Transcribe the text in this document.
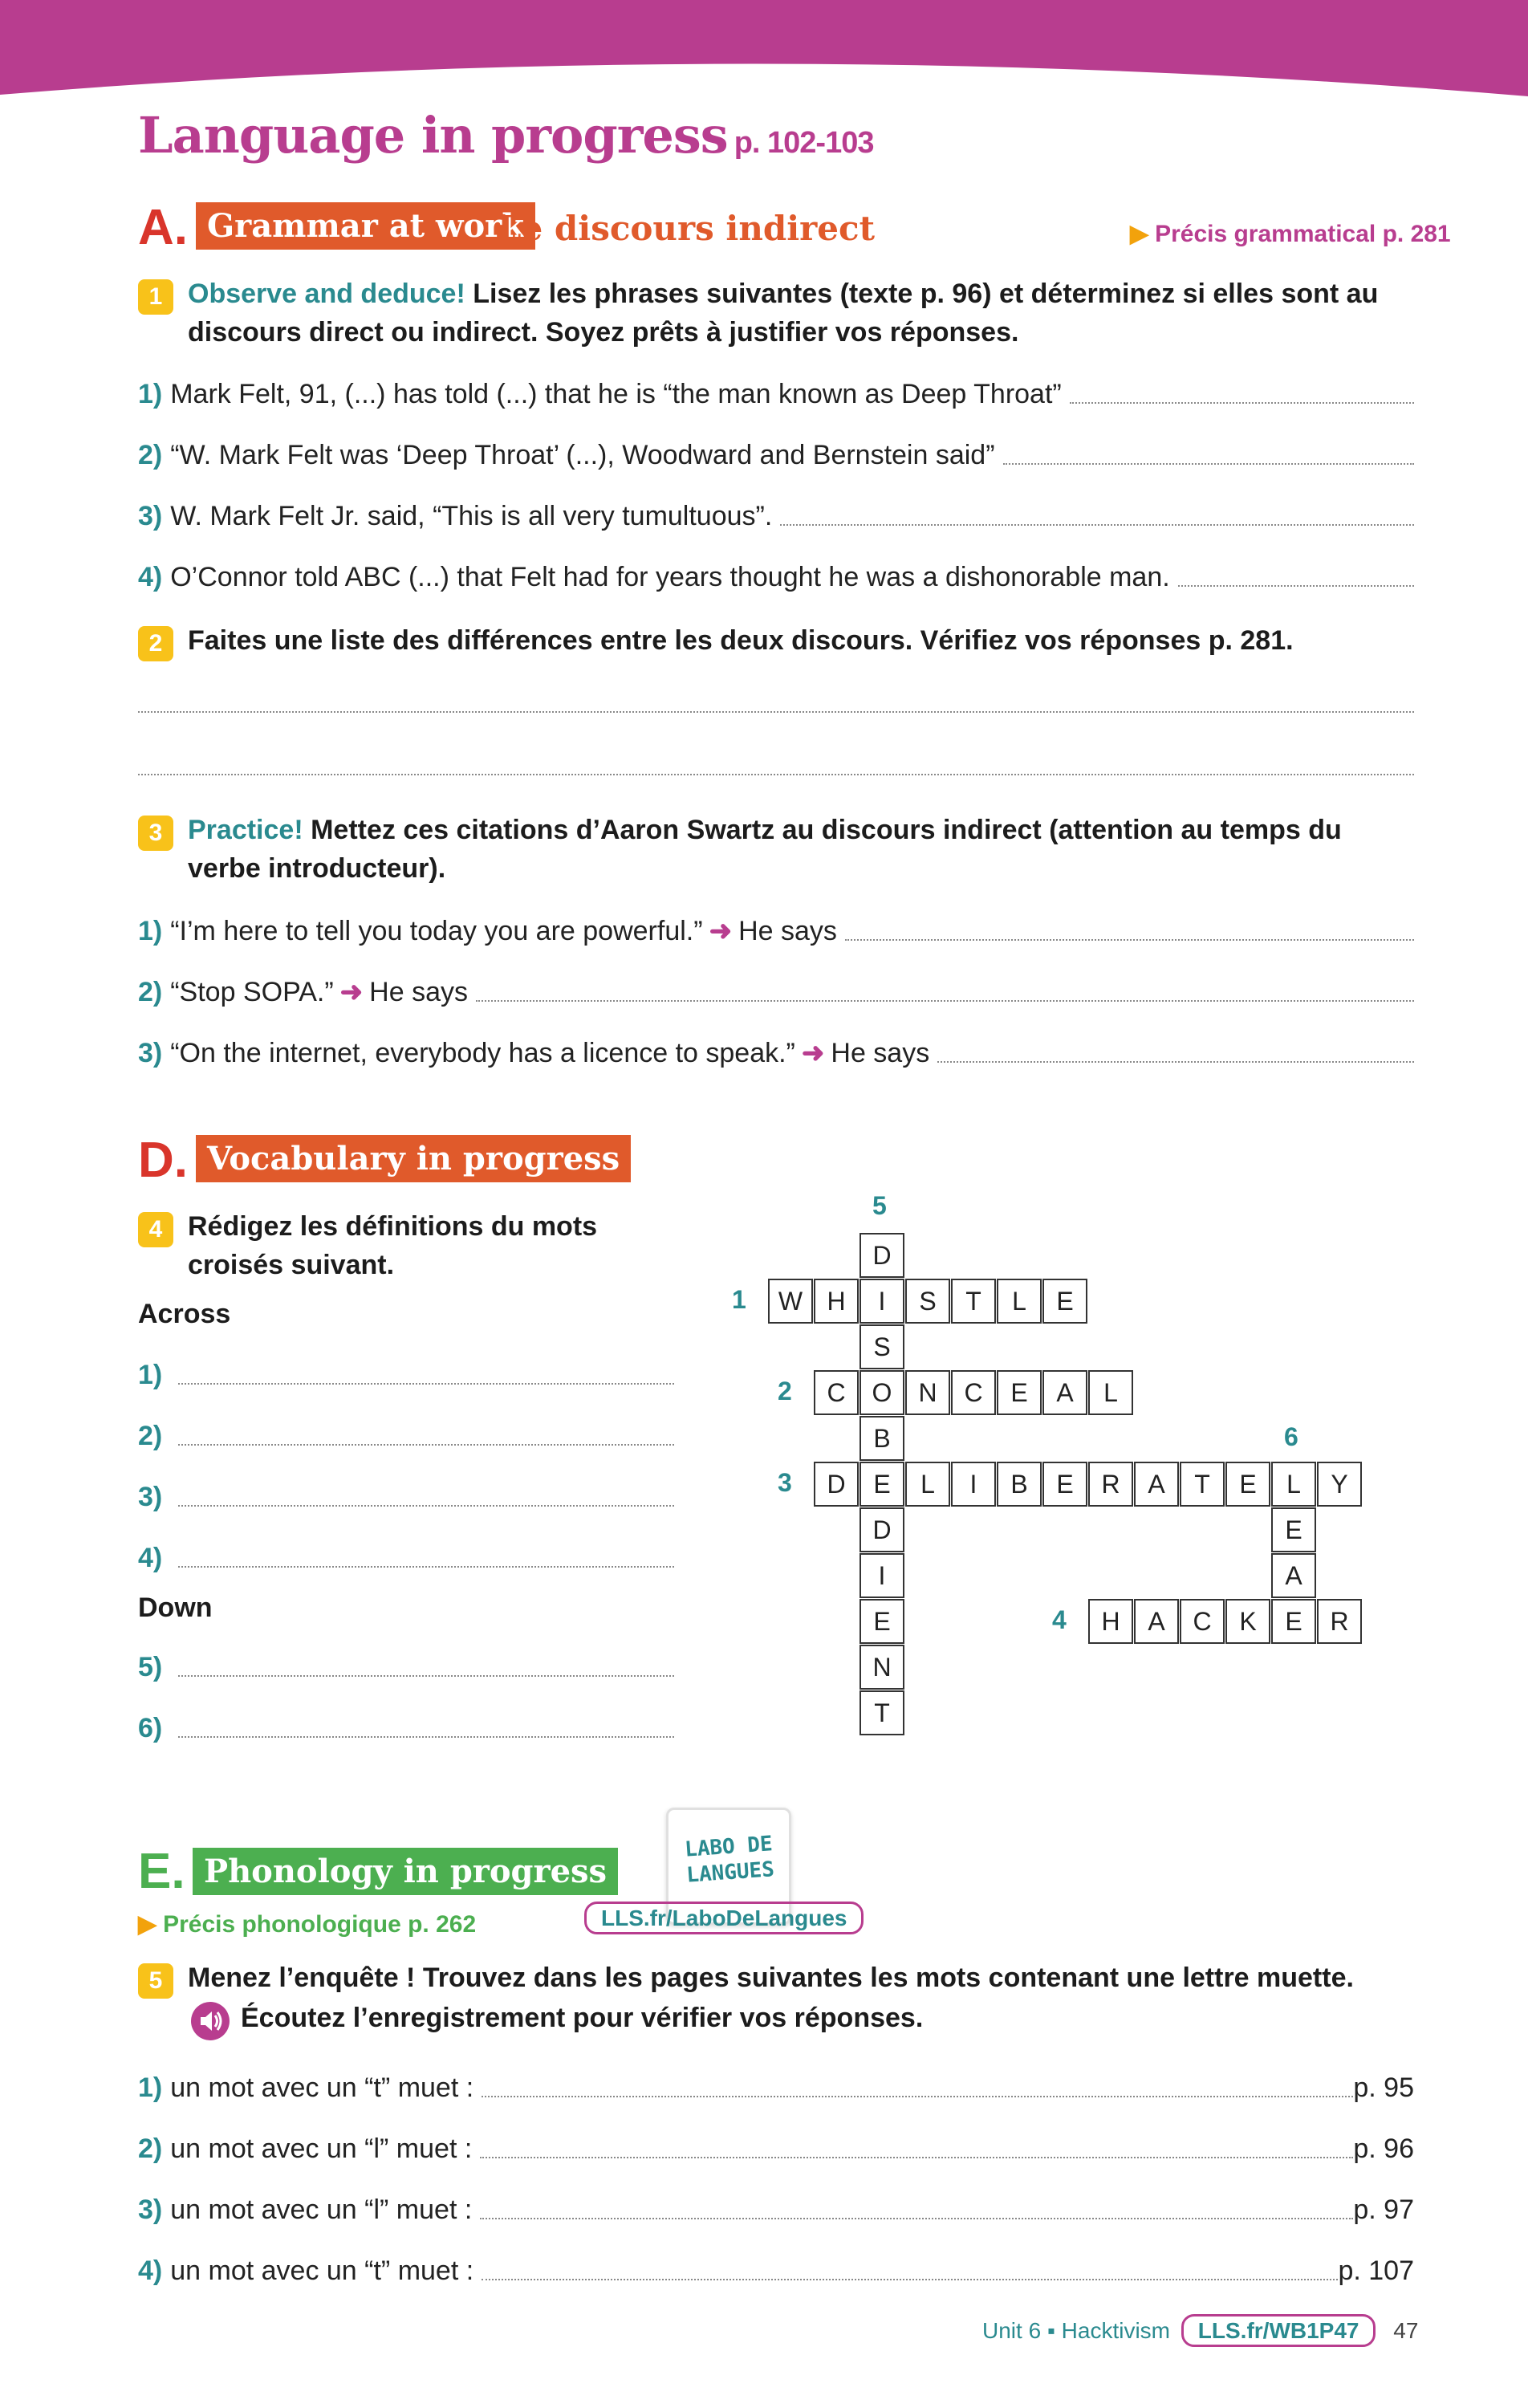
Language in progress p. 102-103
A. Grammar at work
Le discours indirect	▶ Précis grammatical p. 281
1 Observe and deduce! Lisez les phrases suivantes (texte p. 96) et déterminez si elles sont au discours direct ou indirect. Soyez prêts à justifier vos réponses.
1) Mark Felt, 91, (...) has told (...) that he is “the man known as Deep Throat”
2) “W. Mark Felt was ‘Deep Throat’ (...), Woodward and Bernstein said”
3) W. Mark Felt Jr. said, “This is all very tumultuous”.
4) O’Connor told ABC (...) that Felt had for years thought he was a dishonorable man.
2 Faites une liste des différences entre les deux discours. Vérifiez vos réponses p. 281.
3 Practice! Mettez ces citations d’Aaron Swartz au discours indirect (attention au temps du verbe introducteur).
1) “I’m here to tell you today you are powerful.” ➜ He says
2) “Stop SOPA.” ➜ He says
3) “On the internet, everybody has a licence to speak.” ➜ He says
D. Vocabulary in progress
4 Rédigez les définitions du mots croisés suivant.
Across
1)
2)
3)
4)
Down
5)
6)
W H	I	S	T	L	E
C	O	N	C	E	A	L
D	E	L	I	B	E	R	A	T	E	L	Y
H	A	C	K	E	R
D
S
B
D
I
E
N
T
E
A
1
2
3
4
5
6
E. Phonology in progress
▶ Précis phonologique p. 262
LABO DE
LANGUES
LLS.fr/LaboDeLangues
5 Menez l’enquête ! Trouvez dans les pages suivantes les mots contenant une lettre muette.
Écoutez l’enregistrement pour vérifier vos réponses.
1) un mot avec un “t” muet :	p. 95
2) un mot avec un “l” muet :	p. 96
3) un mot avec un “l” muet :	p. 97
4) un mot avec un “t” muet :	p. 107
Unit 6 ▪ Hacktivism LLS.fr/WB1P47 47
